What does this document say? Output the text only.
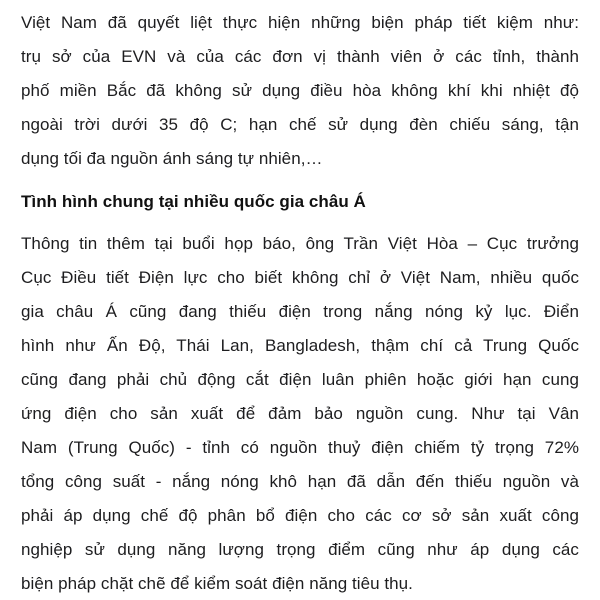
Việt Nam đã quyết liệt thực hiện những biện pháp tiết kiệm như:
trụ sở của EVN và của các đơn vị thành viên ở các tỉnh, thành
phố miền Bắc đã không sử dụng điều hòa không khí khi nhiệt độ
ngoài trời dưới 35 độ C; hạn chế sử dụng đèn chiếu sáng, tận
dụng tối đa nguồn ánh sáng tự nhiên,…

Tình hình chung tại nhiều quốc gia châu Á

Thông tin thêm tại buổi họp báo, ông Trần Việt Hòa – Cục trưởng
Cục Điều tiết Điện lực cho biết không chỉ ở Việt Nam, nhiều quốc
gia châu Á cũng đang thiếu điện trong nắng nóng kỷ lục. Điển
hình như Ấn Độ, Thái Lan, Bangladesh, thậm chí cả Trung Quốc
cũng đang phải chủ động cắt điện luân phiên hoặc giới hạn cung
ứng điện cho sản xuất để đảm bảo nguồn cung. Như tại Vân
Nam (Trung Quốc) - tỉnh có nguồn thuỷ điện chiếm tỷ trọng 72%
tổng công suất - nắng nóng khô hạn đã dẫn đến thiếu nguồn và
phải áp dụng chế độ phân bổ điện cho các cơ sở sản xuất công
nghiệp sử dụng năng lượng trọng điểm cũng như áp dụng các
biện pháp chặt chẽ để kiểm soát điện năng tiêu thụ.
